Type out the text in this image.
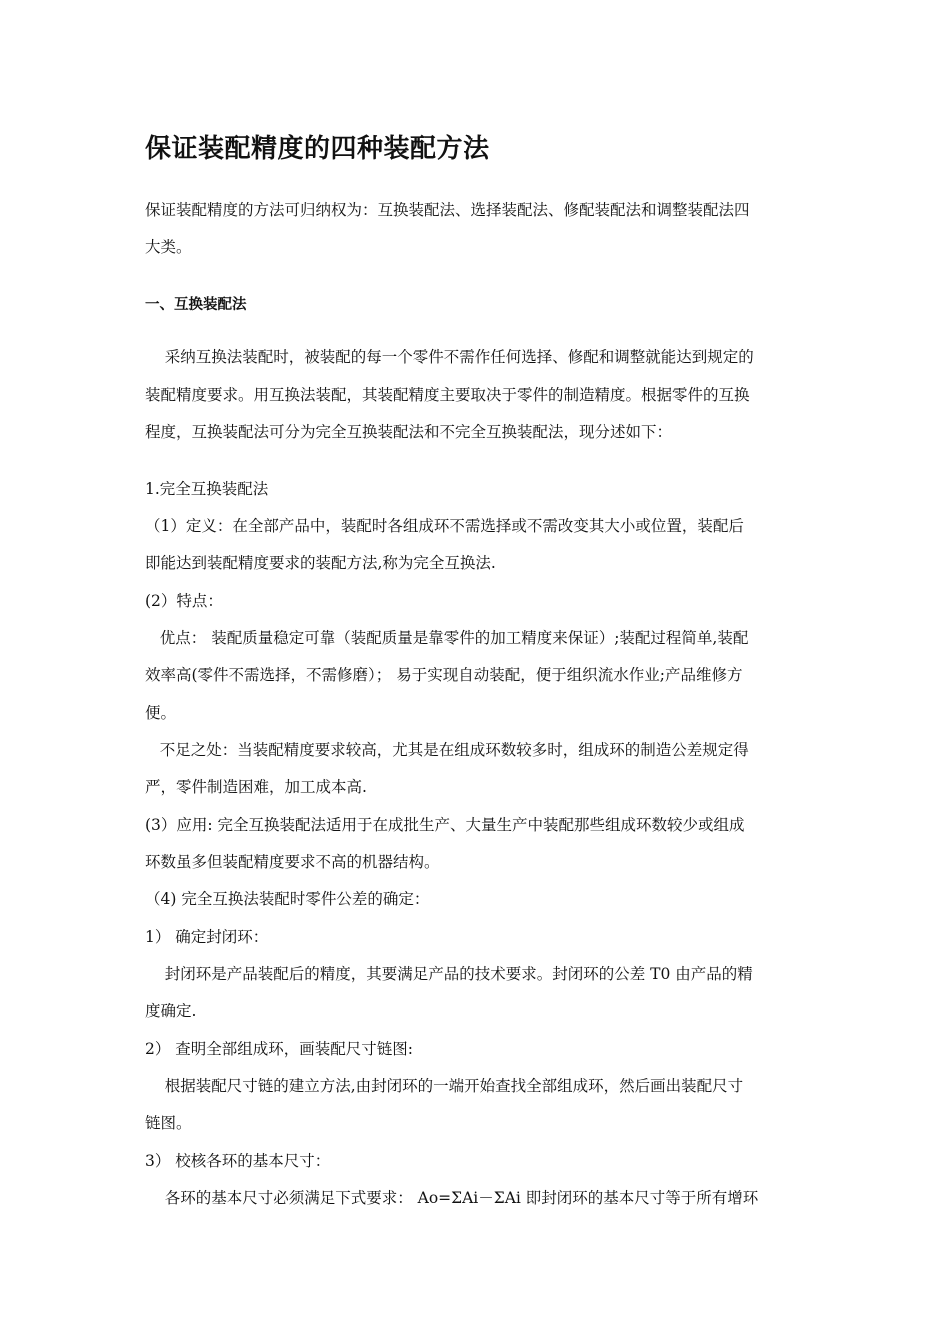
保证装配精度的四种装配方法
保证装配精度的方法可归纳权为：互换装配法、选择装配法、修配装配法和调整装配法四
大类。
一、互换装配法
采纳互换法装配时，被装配的每一个零件不需作任何选择、修配和调整就能达到规定的
装配精度要求。用互换法装配，其装配精度主要取决于零件的制造精度。根据零件的互换
程度，互换装配法可分为完全互换装配法和不完全互换装配法，现分述如下：
1.完全互换装配法
（1）定义：在全部产品中，装配时各组成环不需选择或不需改变其大小或位置，装配后
即能达到装配精度要求的装配方法,称为完全互换法.
(2）特点：
优点： 装配质量稳定可靠（装配质量是靠零件的加工精度来保证）;装配过程简单,装配
效率高(零件不需选择，不需修磨）； 易于实现自动装配，便于组织流水作业;产品维修方
便。
不足之处：当装配精度要求较高，尤其是在组成环数较多时，组成环的制造公差规定得
严，零件制造困难，加工成本高.
(3）应用: 完全互换装配法适用于在成批生产、大量生产中装配那些组成环数较少或组成
环数虽多但装配精度要求不高的机器结构。
（4) 完全互换法装配时零件公差的确定：
1） 确定封闭环：
封闭环是产品装配后的精度，其要满足产品的技术要求。封闭环的公差 T0 由产品的精
度确定.
2） 查明全部组成环，画装配尺寸链图:
根据装配尺寸链的建立方法,由封闭环的一端开始查找全部组成环，然后画出装配尺寸
链图。
3） 校核各环的基本尺寸：
各环的基本尺寸必须满足下式要求： Ao=ΣAi－ΣAi 即封闭环的基本尺寸等于所有增环
